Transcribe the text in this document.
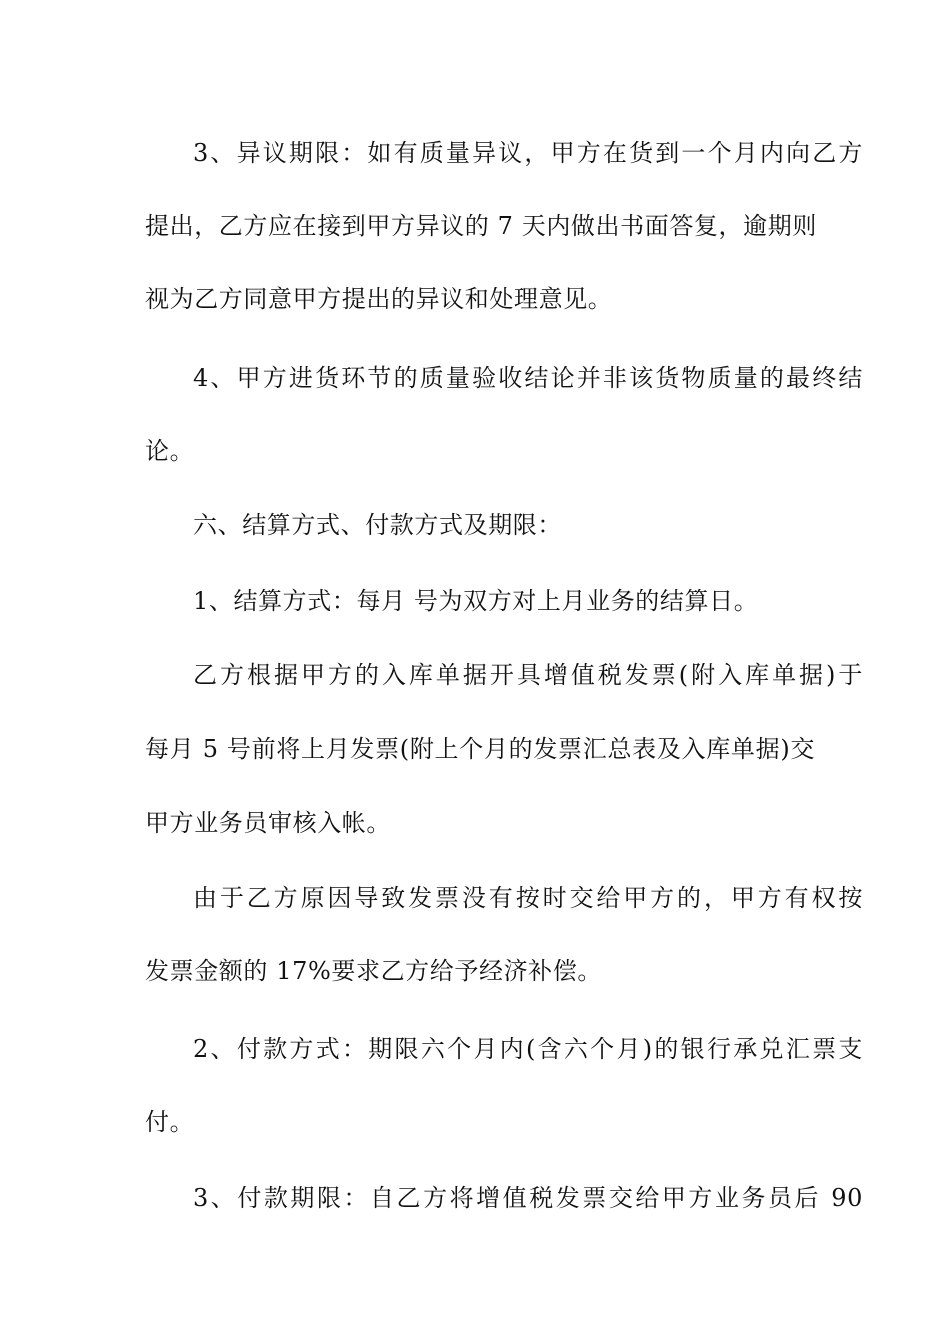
3、异议期限：如有质量异议，甲方在货到一个月内向乙方
提出，乙方应在接到甲方异议的 7 天内做出书面答复，逾期则
视为乙方同意甲方提出的异议和处理意见。
4、甲方进货环节的质量验收结论并非该货物质量的最终结
论。
六、结算方式、付款方式及期限：
1、结算方式：每月 号为双方对上月业务的结算日。
乙方根据甲方的入库单据开具增值税发票(附入库单据)于
每月 5 号前将上月发票(附上个月的发票汇总表及入库单据)交
甲方业务员审核入帐。
由于乙方原因导致发票没有按时交给甲方的，甲方有权按
发票金额的 17%要求乙方给予经济补偿。
2、付款方式：期限六个月内(含六个月)的银行承兑汇票支
付。
3、付款期限：自乙方将增值税发票交给甲方业务员后 90
